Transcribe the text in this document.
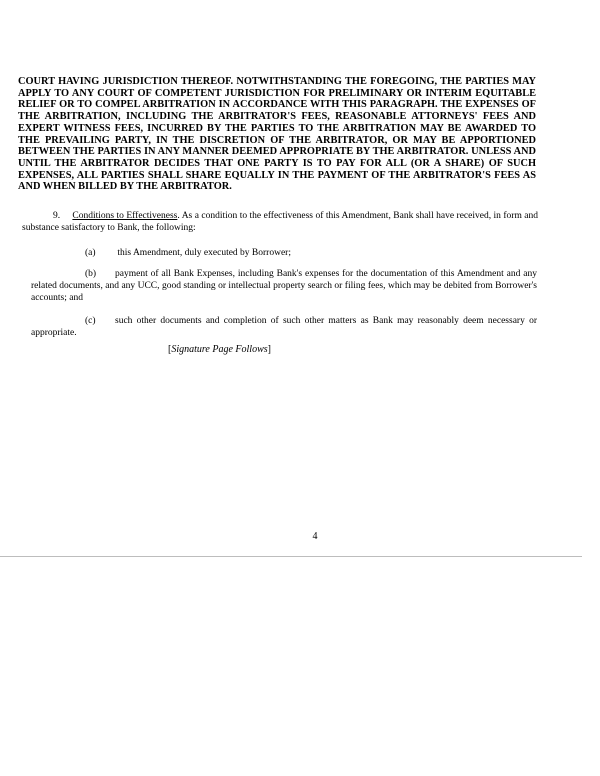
COURT HAVING JURISDICTION THEREOF. NOTWITHSTANDING THE FOREGOING, THE PARTIES MAY APPLY TO ANY COURT OF COMPETENT JURISDICTION FOR PRELIMINARY OR INTERIM EQUITABLE RELIEF OR TO COMPEL ARBITRATION IN ACCORDANCE WITH THIS PARAGRAPH. THE EXPENSES OF THE ARBITRATION, INCLUDING THE ARBITRATOR'S FEES, REASONABLE ATTORNEYS' FEES AND EXPERT WITNESS FEES, INCURRED BY THE PARTIES TO THE ARBITRATION MAY BE AWARDED TO THE PREVAILING PARTY, IN THE DISCRETION OF THE ARBITRATOR, OR MAY BE APPORTIONED BETWEEN THE PARTIES IN ANY MANNER DEEMED APPROPRIATE BY THE ARBITRATOR. UNLESS AND UNTIL THE ARBITRATOR DECIDES THAT ONE PARTY IS TO PAY FOR ALL (OR A SHARE) OF SUCH EXPENSES, ALL PARTIES SHALL SHARE EQUALLY IN THE PAYMENT OF THE ARBITRATOR'S FEES AS AND WHEN BILLED BY THE ARBITRATOR.

9. Conditions to Effectiveness. As a condition to the effectiveness of this Amendment, Bank shall have received, in form and substance satisfactory to Bank, the following:

(a) this Amendment, duly executed by Borrower;

(b) payment of all Bank Expenses, including Bank's expenses for the documentation of this Amendment and any related documents, and any UCC, good standing or intellectual property search or filing fees, which may be debited from Borrower's accounts; and

(c) such other documents and completion of such other matters as Bank may reasonably deem necessary or appropriate.

[Signature Page Follows]

4
